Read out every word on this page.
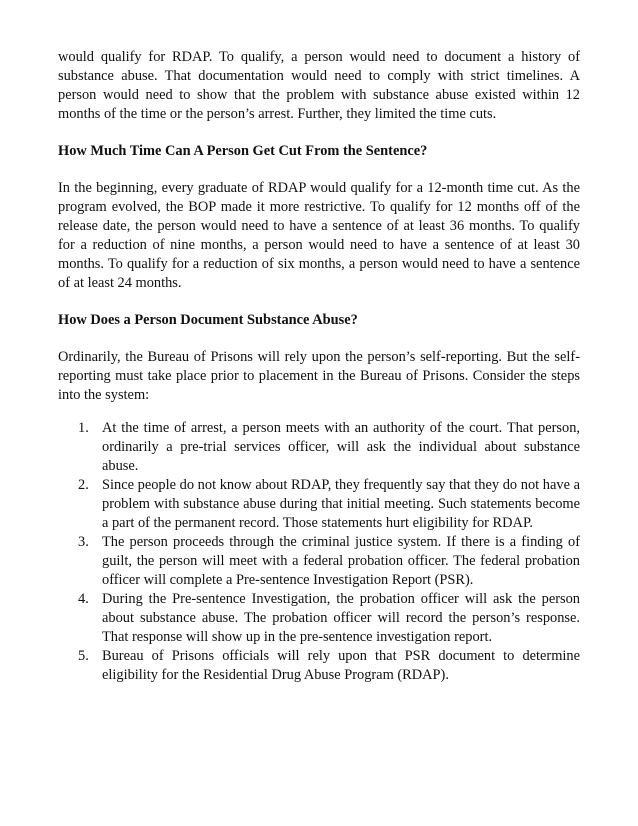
would qualify for RDAP. To qualify, a person would need to document a history of substance abuse. That documentation would need to comply with strict timelines. A person would need to show that the problem with substance abuse existed within 12 months of the time or the person’s arrest. Further, they limited the time cuts.

How Much Time Can A Person Get Cut From the Sentence?

In the beginning, every graduate of RDAP would qualify for a 12-month time cut. As the program evolved, the BOP made it more restrictive. To qualify for 12 months off of the release date, the person would need to have a sentence of at least 36 months. To qualify for a reduction of nine months, a person would need to have a sentence of at least 30 months. To qualify for a reduction of six months, a person would need to have a sentence of at least 24 months.

How Does a Person Document Substance Abuse?

Ordinarily, the Bureau of Prisons will rely upon the person’s self-reporting. But the self-reporting must take place prior to placement in the Bureau of Prisons. Consider the steps into the system:

1. At the time of arrest, a person meets with an authority of the court. That person, ordinarily a pre-trial services officer, will ask the individual about substance abuse.
2. Since people do not know about RDAP, they frequently say that they do not have a problem with substance abuse during that initial meeting. Such statements become a part of the permanent record. Those statements hurt eligibility for RDAP.
3. The person proceeds through the criminal justice system. If there is a finding of guilt, the person will meet with a federal probation officer. The federal probation officer will complete a Pre-sentence Investigation Report (PSR).
4. During the Pre-sentence Investigation, the probation officer will ask the person about substance abuse. The probation officer will record the person’s response. That response will show up in the pre-sentence investigation report.
5. Bureau of Prisons officials will rely upon that PSR document to determine eligibility for the Residential Drug Abuse Program (RDAP).
